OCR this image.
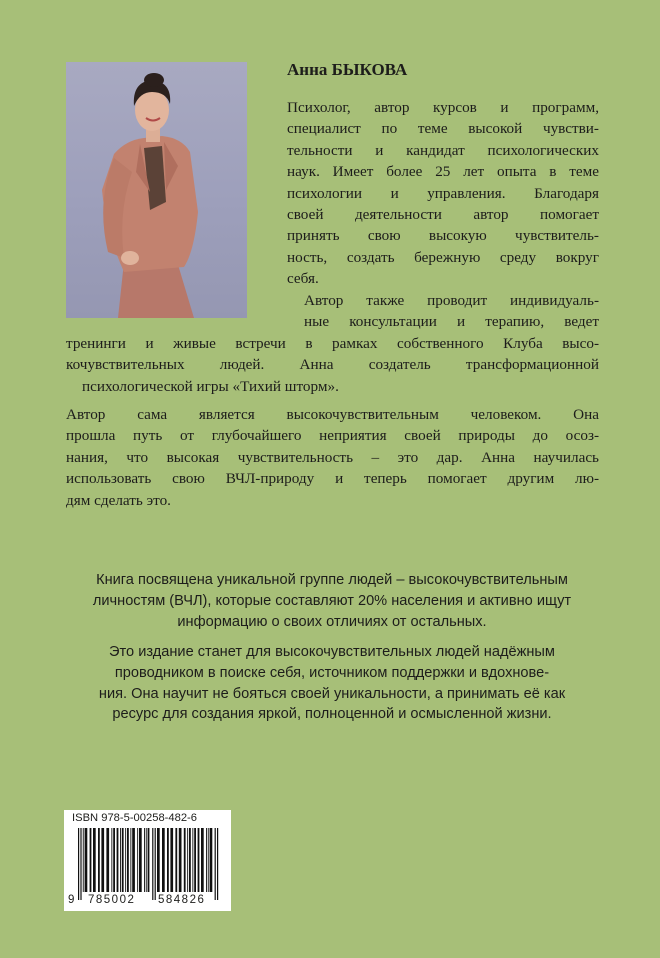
Анна БЫКОВА
Психолог, автор курсов и программ,
специалист по теме высокой чувстви-
тельности и кандидат психологических
наук. Имеет более 25 лет опыта в теме
психологии и управления. Благодаря
своей деятельности автор помогает
принять свою высокую чувствитель-
ность, создать бережную среду вокруг
себя.
Автор также проводит индивидуаль-
ные консультации и терапию, ведет
тренинги и живые встречи в рамках собственного Клуба высо-
кочувствительных людей. Анна создатель трансформационной
психологической игры «Тихий шторм».
Автор сама является высокочувствительным человеком. Она
прошла путь от глубочайшего неприятия своей природы до осоз-
нания, что высокая чувствительность – это дар. Анна научилась
использовать свою ВЧЛ-природу и теперь помогает другим лю-
дям сделать это.
Книга посвящена уникальной группе людей – высокочувствительным
личностям (ВЧЛ), которые составляют 20% населения и активно ищут
информацию о своих отличиях от остальных.
Это издание станет для высокочувствительных людей надёжным
проводником в поиске себя, источником поддержки и вдохнове-
ния. Она научит не бояться своей уникальности, а принимать её как
ресурс для создания яркой, полноценной и осмысленной жизни.
ISBN 978-5-00258-482-6
9 785002 584826
